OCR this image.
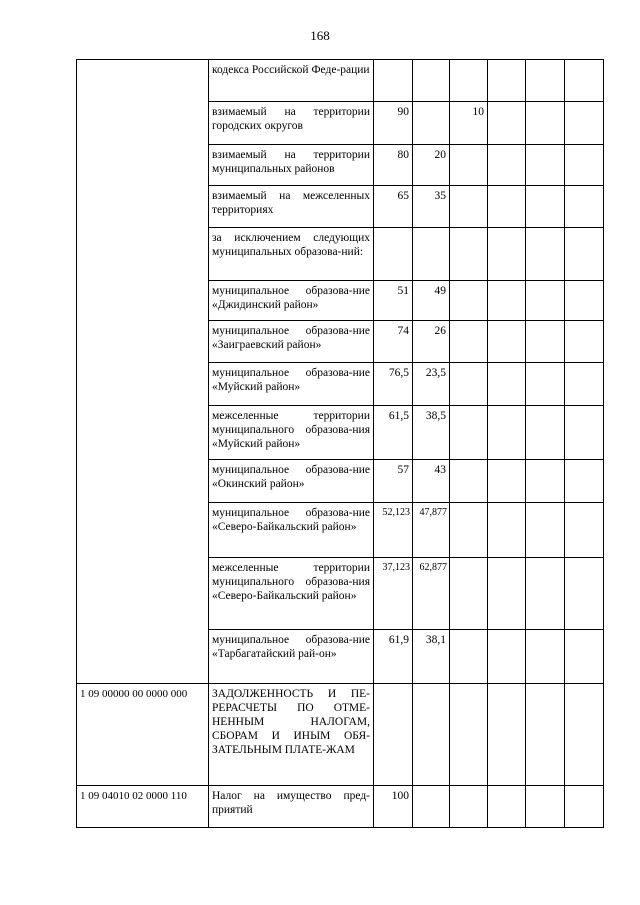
168
	кодекса Российской Феде-рации						
	взимаемый на территории городских округов	90		10			
	взимаемый на территории муниципальных районов	80	20				
	взимаемый на межселенных территориях	65	35				
	за исключением следующих муниципальных образова-ний:						
	муниципальное образова-ние «Джидинский район»	51	49				
	муниципальное образова-ние «Заиграевский район»	74	26				
	муниципальное образова-ние «Муйский район»	76,5	23,5				
	межселенные территории муниципального образова-ния «Муйский район»	61,5	38,5				
	муниципальное образова-ние «Окинский район»	57	43				
	муниципальное образова-ние «Северо-Байкальский район»	52,123	47,877				
	межселенные территории муниципального образова-ния «Северо-Байкальский район»	37,123	62,877				
	муниципальное образова-ние «Тарбагатайский рай-он»	61,9	38,1				
1 09 00000 00 0000 000	ЗАДОЛЖЕННОСТЬ И ПЕ-РЕРАСЧЕТЫ ПО ОТМЕ-НЕННЫМ НАЛОГАМ, СБОРАМ И ИНЫМ ОБЯ-ЗАТЕЛЬНЫМ ПЛАТЕ-ЖАМ						
1 09 04010 02 0000 110	Налог на имущество пред-приятий	100					
